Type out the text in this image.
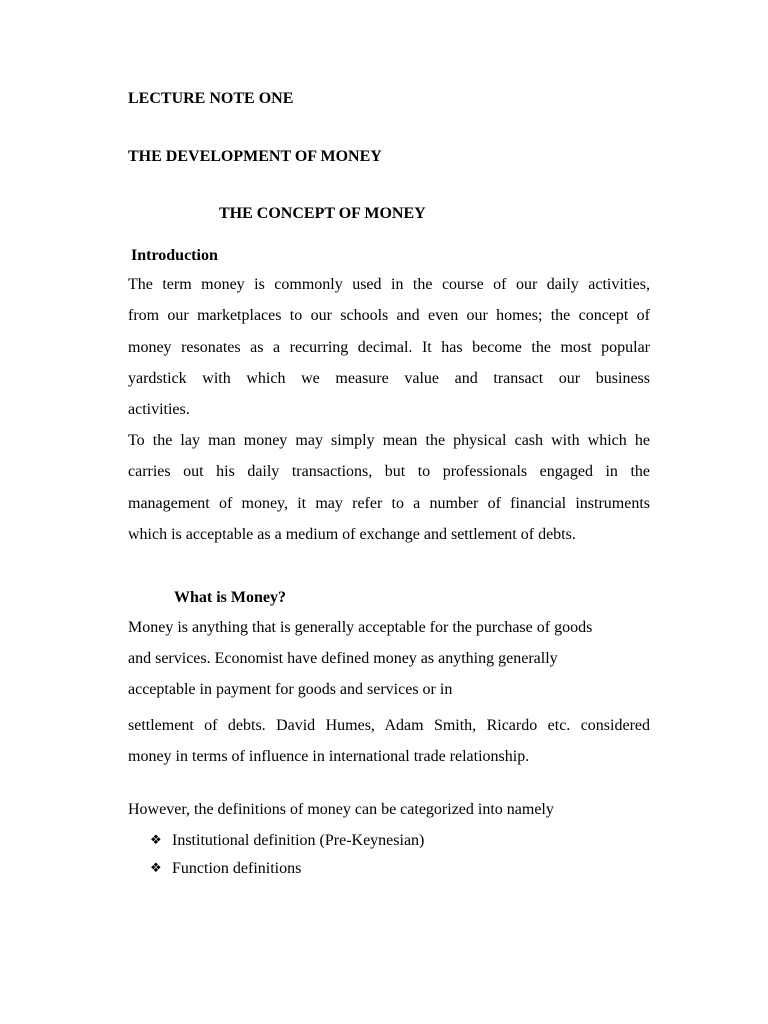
LECTURE NOTE ONE
THE DEVELOPMENT OF MONEY
THE CONCEPT OF MONEY
Introduction
The term money is commonly used in the course of our daily activities,
from our marketplaces to our schools and even our homes; the concept of
money resonates as a recurring decimal. It has become the most popular
yardstick with which we measure value and transact our business
activities.
To the lay man money may simply mean the physical cash with which he
carries out his daily transactions, but to professionals engaged in the
management of money, it may refer to a number of financial instruments
which is acceptable as a medium of exchange and settlement of debts.
What is Money?
Money is anything that is generally acceptable for the purchase of goods
and services. Economist have defined money as anything generally
acceptable in payment for goods and services or in
settlement of debts. David Humes, Adam Smith, Ricardo etc. considered
money in terms of influence in international trade relationship.
However, the definitions of money can be categorized into namely
❖ Institutional definition (Pre-Keynesian)
❖ Function definitions
